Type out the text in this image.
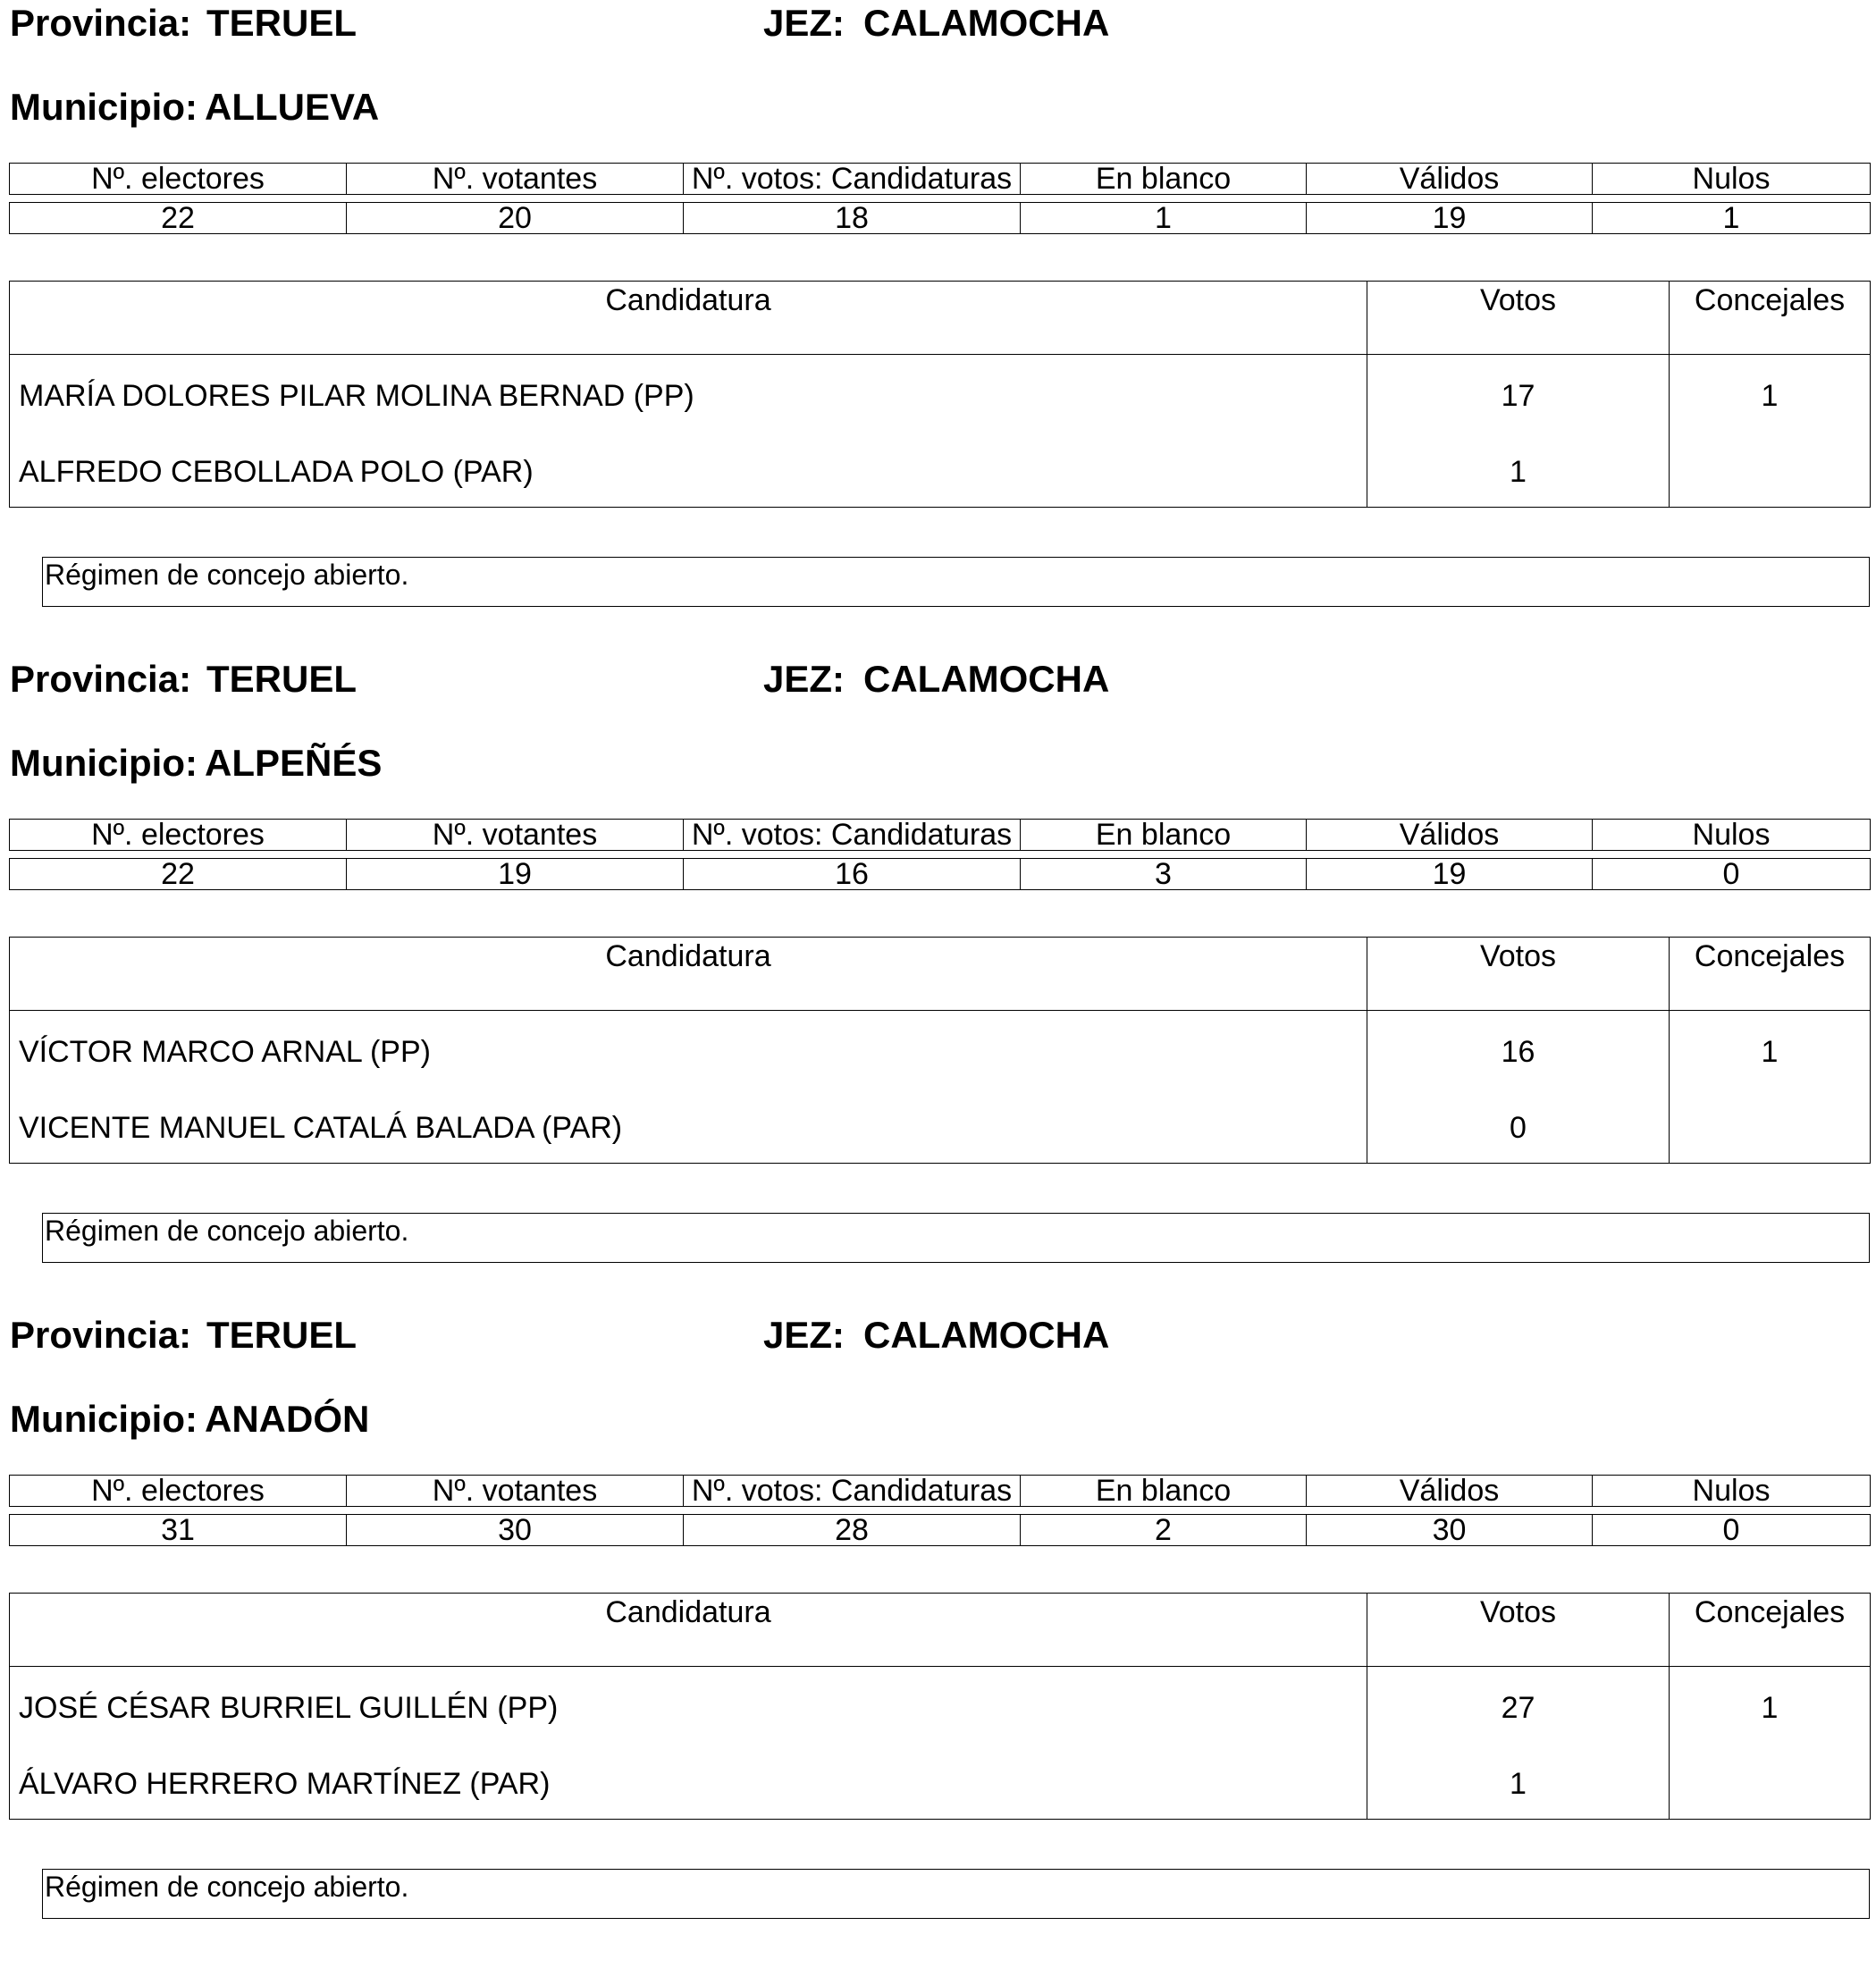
Provincia: TERUEL	JEZ: CALAMOCHA
Municipio: ALLUEVA
Nº. electores	Nº. votantes	Nº. votos: Candidaturas	En blanco	Válidos	Nulos
22	20	18	1	19	1
Candidatura	Votos	Concejales
MARÍA DOLORES PILAR MOLINA BERNAD (PP)	17	1
ALFREDO CEBOLLADA POLO (PAR)	1	
Régimen de concejo abierto.
Provincia: TERUEL	JEZ: CALAMOCHA
Municipio: ALPEÑÉS
Nº. electores	Nº. votantes	Nº. votos: Candidaturas	En blanco	Válidos	Nulos
22	19	16	3	19	0
Candidatura	Votos	Concejales
VÍCTOR MARCO ARNAL (PP)	16	1
VICENTE MANUEL CATALÁ BALADA (PAR)	0	
Régimen de concejo abierto.
Provincia: TERUEL	JEZ: CALAMOCHA
Municipio: ANADÓN
Nº. electores	Nº. votantes	Nº. votos: Candidaturas	En blanco	Válidos	Nulos
31	30	28	2	30	0
Candidatura	Votos	Concejales
JOSÉ CÉSAR BURRIEL GUILLÉN (PP)	27	1
ÁLVARO HERRERO MARTÍNEZ (PAR)	1	
Régimen de concejo abierto.
